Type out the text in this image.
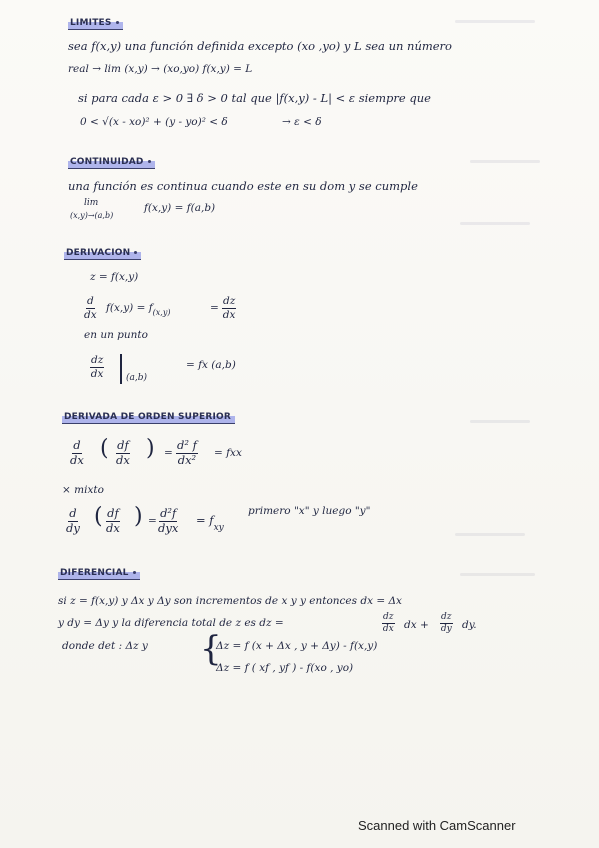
LIMITES
sea f(x,y) una función definida excepto (xo ,yo) y L sea un número
real → lim (x,y) → (xo,yo) f(x,y) = L
si para cada ε > 0 ∃ δ > 0 tal que |f(x,y) - L| < ε siempre que
0 < √(x - xo)² + (y - yo)² < δ	→ ε < δ
CONTINUIDAD
una función es continua cuando este en su dom y se cumple
lim
(x,y)→(a,b)
f(x,y) = f(a,b)
DERIVACION
z = f(x,y)
$\frac{d}{dx} f(x,y) = f_{(x,y)}$	= $\frac{dz}{dx}$
en un punto
$\frac{dz}{dx} (a,b)$
= fx (a,b)
DERIVADA DE ORDEN SUPERIOR
$\frac{d}{dx}$ ( $\frac{df}{dx}$ ) = $\frac{\text{d² f}}{\text{dx²}}$ = fxx
× mixto
$\frac{d}{dy}$ ( $\frac{df}{dx}$ ) =
d²f
dyx
= $f_{xy}$
primero "x" y luego "y"
DIFERENCIAL
si z = f(x,y) y Δx y Δy son incrementos de x y y entonces dx = Δx
y dy = Δy y la diferencia total de z es dz =	$\frac{dz}{dx}$ dx + $\frac{dz}{dy}$ dy.
donde det : Δz y {
Δz = f (x + Δx , y + Δy) - f(x,y)
Δz = f ( xf , yf ) - f(xo , yo)
Scanned with CamScanner
